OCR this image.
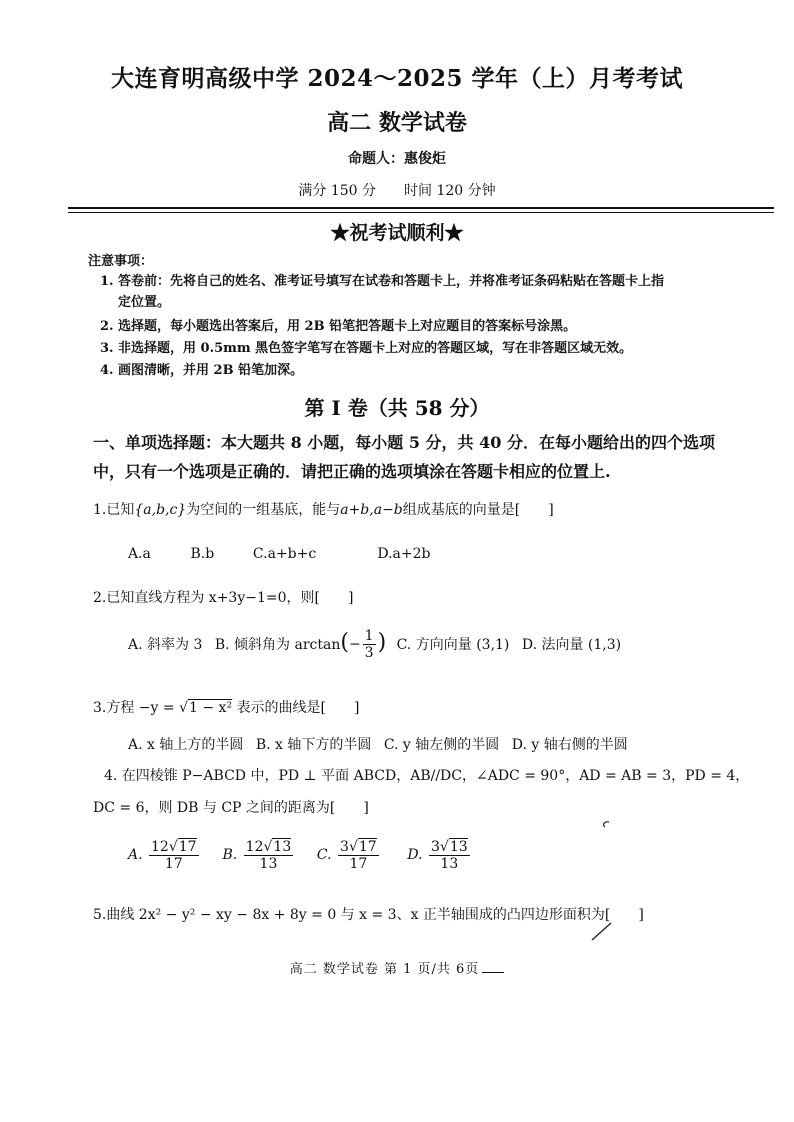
大连育明高级中学 2024～2025 学年（上）月考考试
高二 数学试卷
命题人：惠俊炬
满分 150 分　　时间 120 分钟
★祝考试顺利★
注意事项：
1. 答卷前：先将自己的姓名、准考证号填写在试卷和答题卡上，并将准考证条码粘贴在答题卡上指
定位置。
2. 选择题，每小题选出答案后，用 2B 铅笔把答题卡上对应题目的答案标号涂黑。
3. 非选择题，用 0.5mm 黑色签字笔写在答题卡上对应的答题区域，写在非答题区域无效。
4. 画图清晰，并用 2B 铅笔加深。
第 I 卷（共 58 分）
一、单项选择题：本大题共 8 小题，每小题 5 分，共 40 分．在每小题给出的四个选项
中，只有一个选项是正确的．请把正确的选项填涂在答题卡相应的位置上.
1.已知{a,b,c}为空间的一组基底，能与a+b,a−b组成基底的向量是[　　]
A.a	B.b	C.a+b+c	D.a+2b
2.已知直线方程为 x+3y−1=0，则[　　]
A. 斜率为 3 B. 倾斜角为 $\arctan(- \frac{1}{3}$ ) C. 方向向量 (3,1) D. 法向量 (1,3)
3.方程 −y = √1 − x² 表示的曲线是[　　]
A. x 轴上方的半圆 B. x 轴下方的半圆 C. y 轴左侧的半圆 D. y 轴右侧的半圆
4. 在四棱锥 P−ABCD 中，PD ⊥ 平面 ABCD，AB//DC，∠ADC = 90°，AD = AB = 3，PD = 4，
DC = 6，则 DB 与 CP 之间的距离为[　　]
A. $\frac{12√17}{17} B$. $\frac{12√13}{13} C$. $\frac{3√17}{17} D$. $\frac{3√13}{13}$
5.曲线 2x² − y² − xy − 8x + 8y = 0 与 x = 3、x 正半轴围成的凸四边形面积为[　　]
高二 数学试卷 第 1 页/共 6页
